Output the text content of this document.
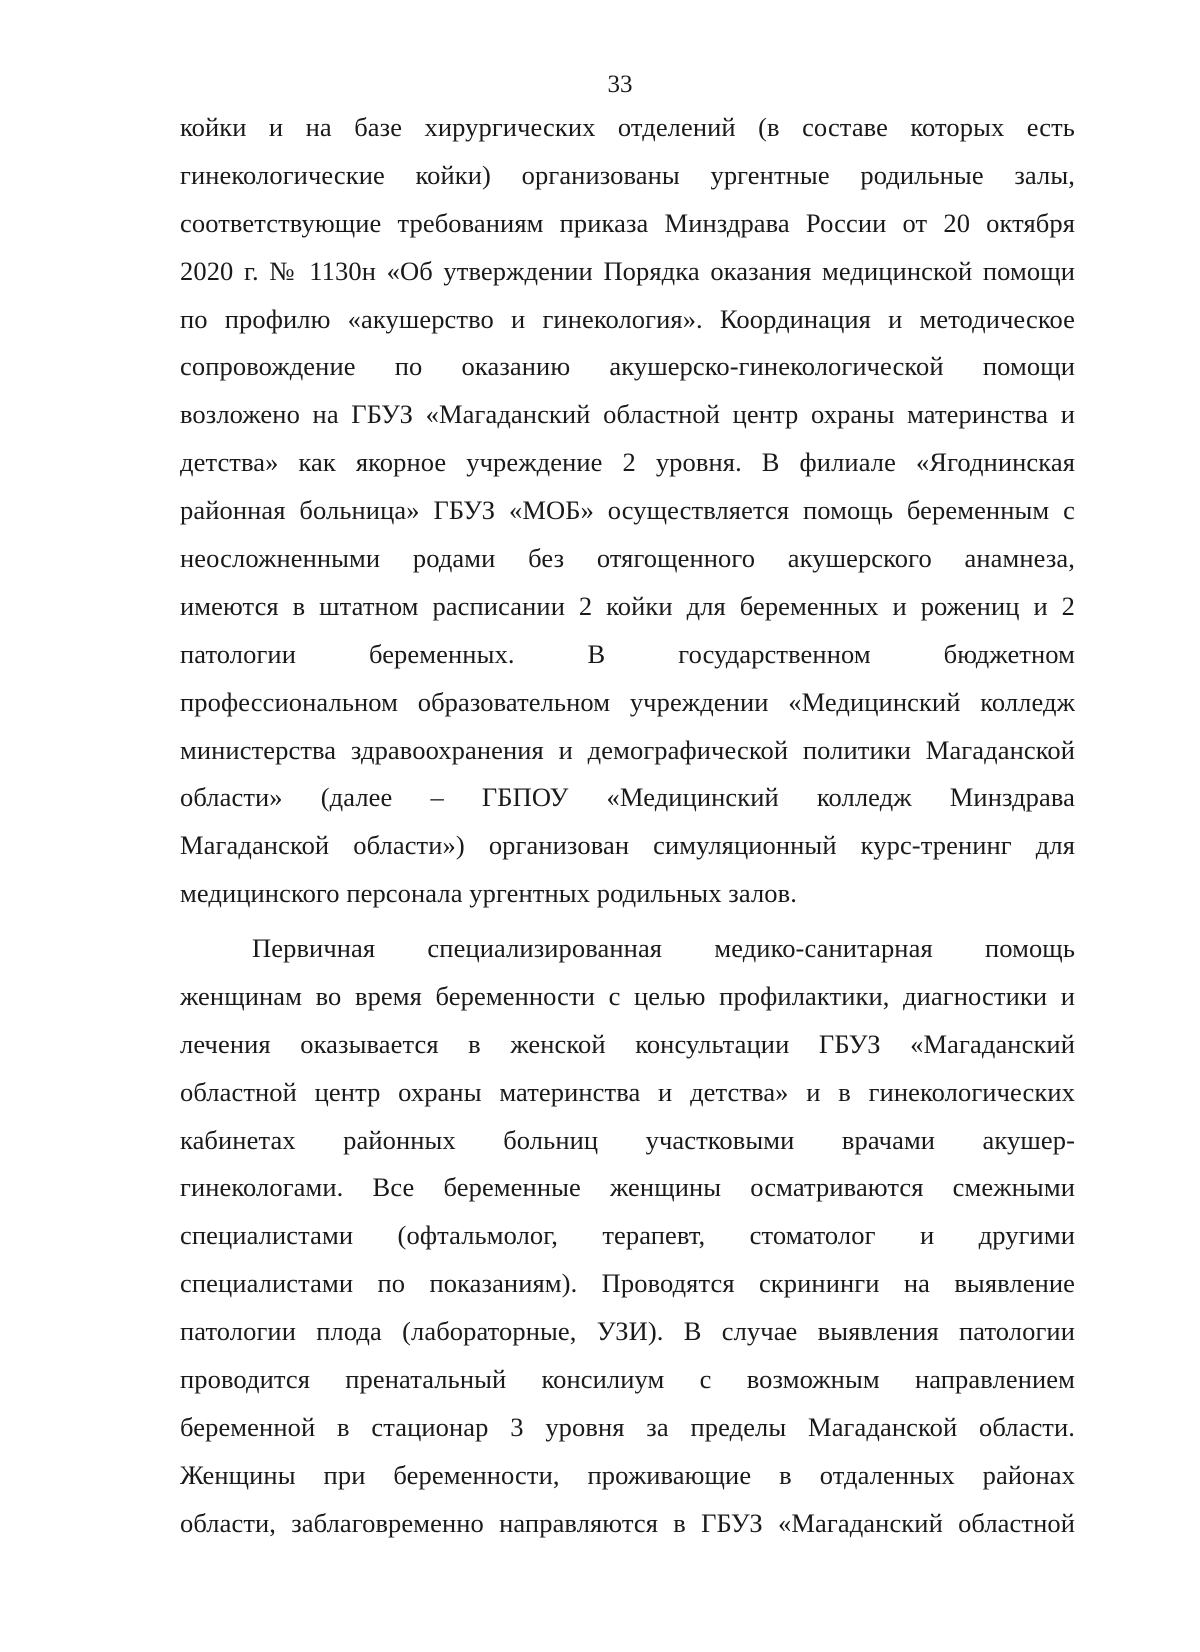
33
койки и на базе хирургических отделений (в составе которых есть
гинекологические койки) организованы ургентные родильные залы,
соответствующие требованиям приказа Минздрава России от 20 октября
2020 г. № 1130н «Об утверждении Порядка оказания медицинской помощи
по профилю «акушерство и гинекология». Координация и методическое
сопровождение по оказанию акушерско-гинекологической помощи
возложено на ГБУЗ «Магаданский областной центр охраны материнства и
детства» как якорное учреждение 2 уровня. В филиале «Ягоднинская
районная больница» ГБУЗ «МОБ» осуществляется помощь беременным с
неосложненными родами без отягощенного акушерского анамнеза,
имеются в штатном расписании 2 койки для беременных и рожениц и 2
патологии беременных. В государственном бюджетном
профессиональном образовательном учреждении «Медицинский колледж
министерства здравоохранения и демографической политики Магаданской
области» (далее – ГБПОУ «Медицинский колледж Минздрава
Магаданской области») организован симуляционный курс-тренинг для
медицинского персонала ургентных родильных залов.
Первичная специализированная медико-санитарная помощь
женщинам во время беременности с целью профилактики, диагностики и
лечения оказывается в женской консультации ГБУЗ «Магаданский
областной центр охраны материнства и детства» и в гинекологических
кабинетах районных больниц участковыми врачами акушер-
гинекологами. Все беременные женщины осматриваются смежными
специалистами (офтальмолог, терапевт, стоматолог и другими
специалистами по показаниям). Проводятся скрининги на выявление
патологии плода (лабораторные, УЗИ). В случае выявления патологии
проводится пренатальный консилиум с возможным направлением
беременной в стационар 3 уровня за пределы Магаданской области.
Женщины при беременности, проживающие в отдаленных районах
области, заблаговременно направляются в ГБУЗ «Магаданский областной
